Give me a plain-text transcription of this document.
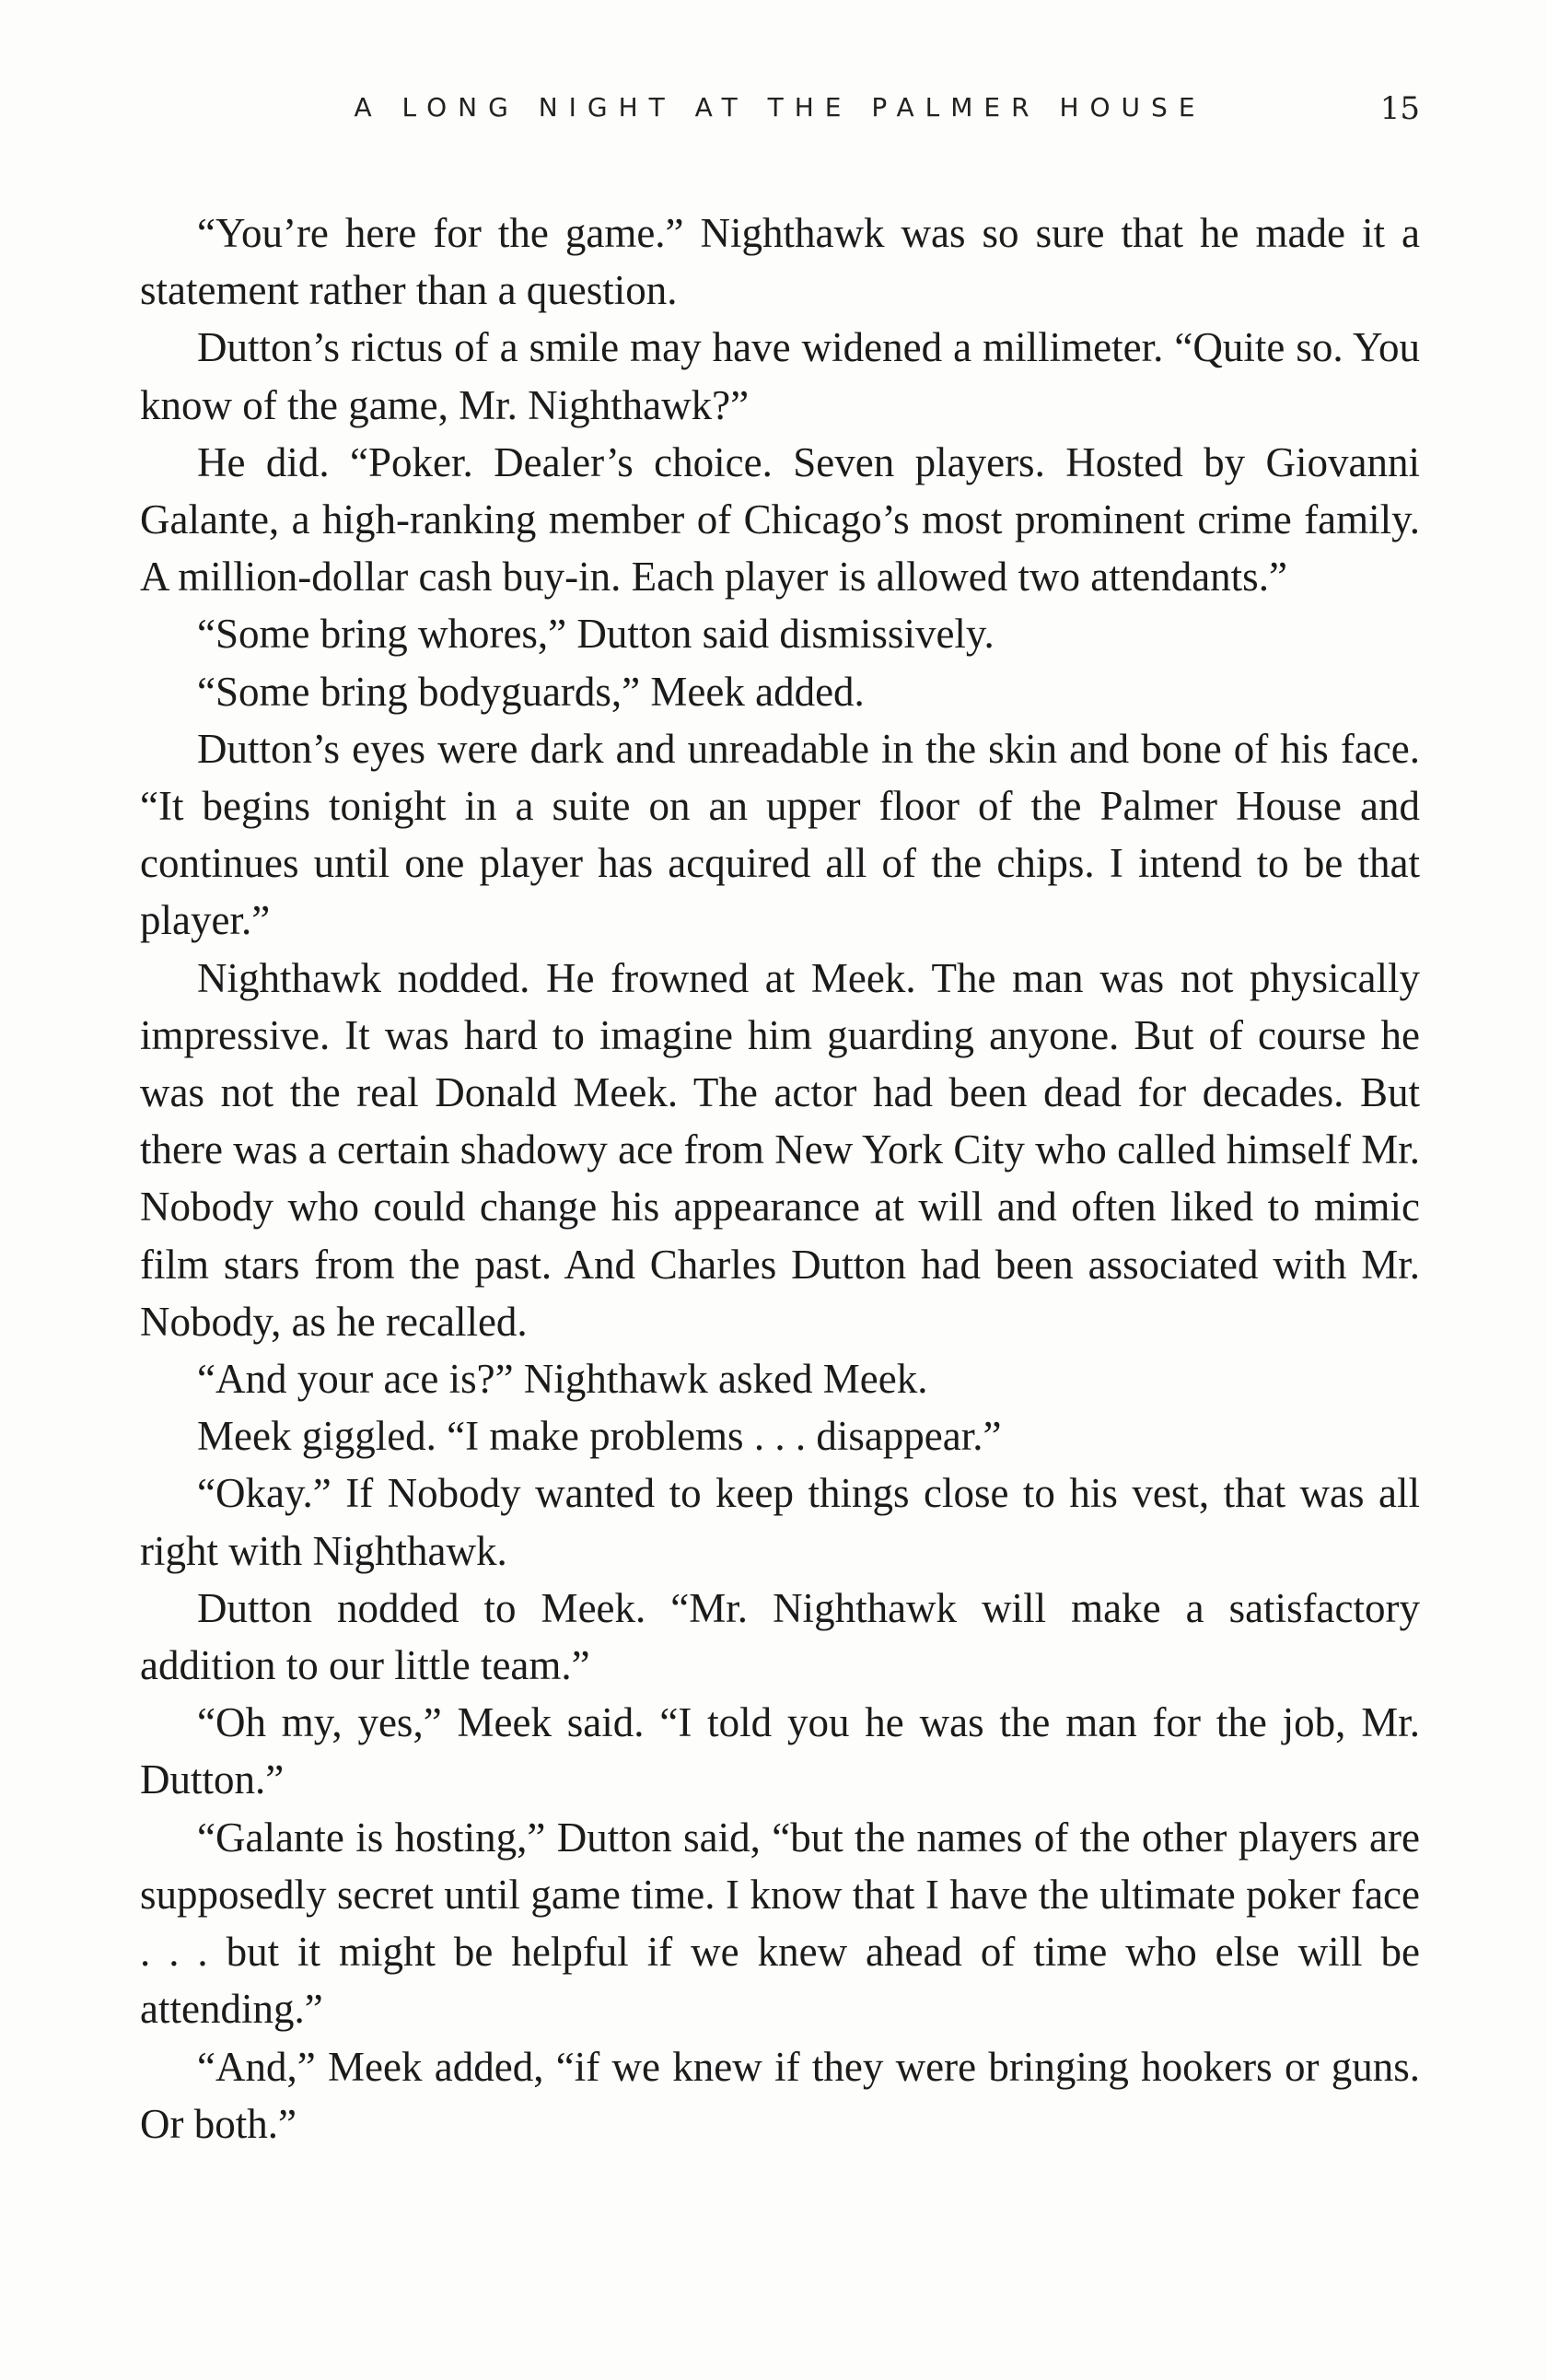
A LONG NIGHT AT THE PALMER HOUSE	15

“You’re here for the game.” Nighthawk was so sure that he made it a statement rather than a question.

Dutton’s rictus of a smile may have widened a millimeter. “Quite so. You know of the game, Mr. Nighthawk?”

He did. “Poker. Dealer’s choice. Seven players. Hosted by Giovanni Galante, a high-ranking member of Chicago’s most prominent crime family. A million-dollar cash buy-in. Each player is allowed two attendants.”

“Some bring whores,” Dutton said dismissively.

“Some bring bodyguards,” Meek added.

Dutton’s eyes were dark and unreadable in the skin and bone of his face. “It begins tonight in a suite on an upper floor of the Palmer House and continues until one player has acquired all of the chips. I intend to be that player.”

Nighthawk nodded. He frowned at Meek. The man was not physically impressive. It was hard to imagine him guarding anyone. But of course he was not the real Donald Meek. The actor had been dead for decades. But there was a certain shadowy ace from New York City who called himself Mr. Nobody who could change his appearance at will and often liked to mimic film stars from the past. And Charles Dutton had been associated with Mr. Nobody, as he recalled.

“And your ace is?” Nighthawk asked Meek.

Meek giggled. “I make problems . . . disappear.”

“Okay.” If Nobody wanted to keep things close to his vest, that was all right with Nighthawk.

Dutton nodded to Meek. “Mr. Nighthawk will make a satisfactory addition to our little team.”

“Oh my, yes,” Meek said. “I told you he was the man for the job, Mr. Dutton.”

“Galante is hosting,” Dutton said, “but the names of the other players are supposedly secret until game time. I know that I have the ultimate poker face . . . but it might be helpful if we knew ahead of time who else will be attending.”

“And,” Meek added, “if we knew if they were bringing hookers or guns. Or both.”
